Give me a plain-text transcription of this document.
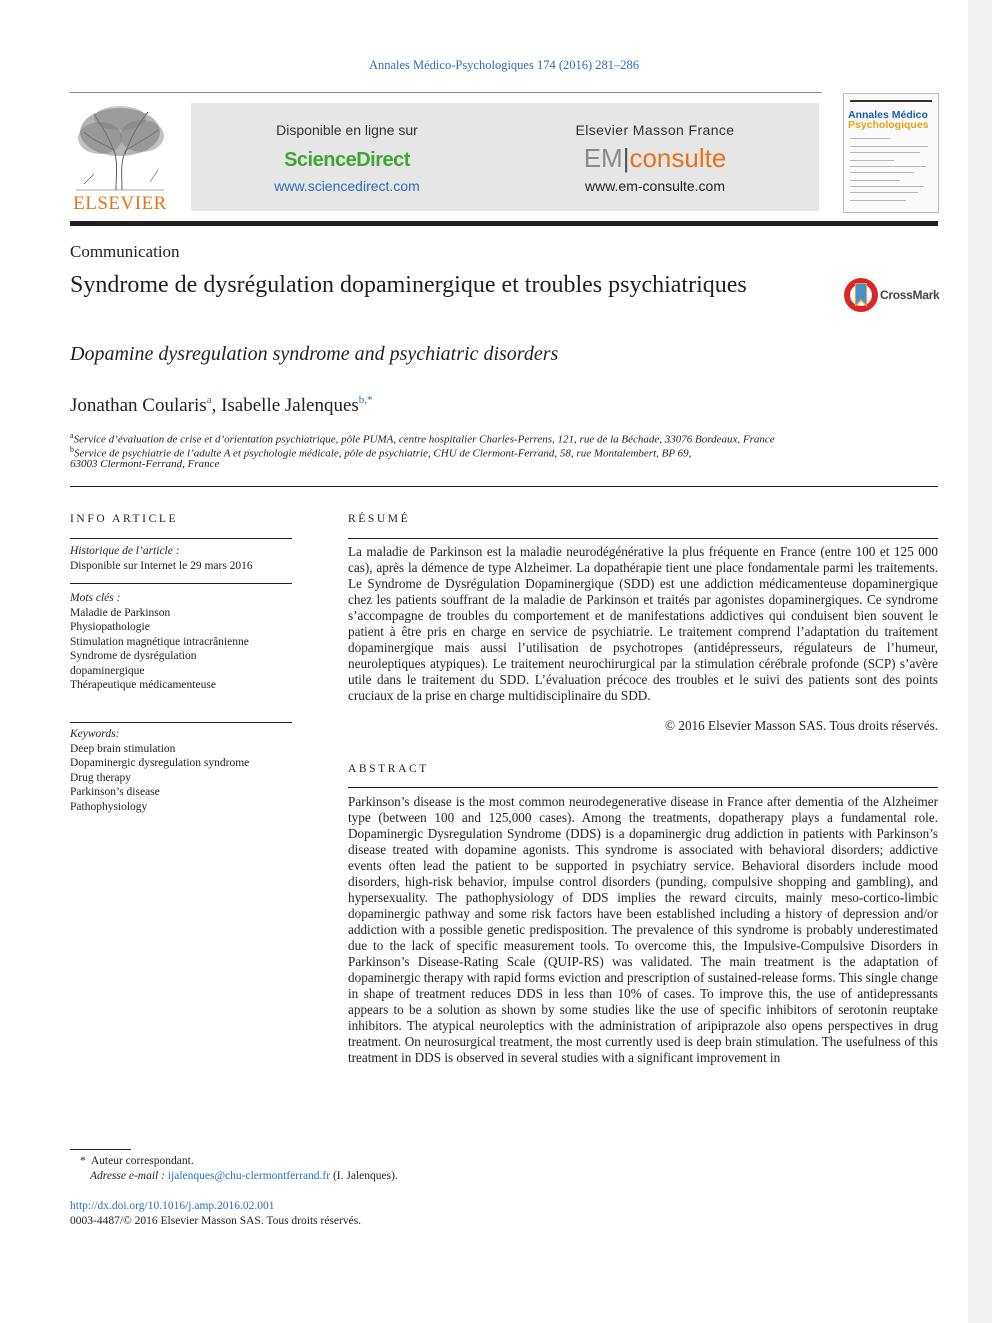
Annales Médico-Psychologiques 174 (2016) 281–286
ELSEVIER
Disponible en ligne sur
ScienceDirect
www.sciencedirect.com
Elsevier Masson France
EM|consulte
www.em-consulte.com
Annales Médico
Psychologiques
Communication
Syndrome de dysrégulation dopaminergique et troubles psychiatriques	CrossMark
Dopamine dysregulation syndrome and psychiatric disorders
Jonathan Coularis$^a$, Isabelle Jalenques$^{b,*}$
$^a$Service d’évaluation de crise et d’orientation psychiatrique, pôle PUMA, centre hospitalier Charles-Perrens, 121, rue de la Béchade, 33076 Bordeaux, France
$^b$Service de psychiatrie de l’adulte A et psychologie médicale, pôle de psychiatrie, CHU de Clermont-Ferrand, 58, rue Montalembert, BP 69,
63003 Clermont-Ferrand, France
INFO ARTICLE
Historique de l’article :
Disponible sur Internet le 29 mars 2016
Mots clés :
Maladie de Parkinson
Physiopathologie
Stimulation magnétique intracrânienne
Syndrome de dysrégulation
dopaminergique
Thérapeutique médicamenteuse
Keywords:
Deep brain stimulation
Dopaminergic dysregulation syndrome
Drug therapy
Parkinson’s disease
Pathophysiology
RÉSUMÉ
La maladie de Parkinson est la maladie neurodégénérative la plus fréquente en France (entre 100 et 125 000 cas), après la démence de type Alzheimer. La dopathérapie tient une place fondamentale parmi les traitements. Le Syndrome de Dysrégulation Dopaminergique (SDD) est une addiction médicamenteuse dopaminergique chez les patients souffrant de la maladie de Parkinson et traités par agonistes dopaminergiques. Ce syndrome s’accompagne de troubles du comportement et de manifestations addictives qui conduisent bien souvent le patient à être pris en charge en service de psychiatrie. Le traitement comprend l’adaptation du traitement dopaminergique mais aussi l’utilisation de psychotropes (antidépresseurs, régulateurs de l’humeur, neuroleptiques atypiques). Le traitement neurochirurgical par la stimulation cérébrale profonde (SCP) s’avère utile dans le traitement du SDD. L’évaluation précoce des troubles et le suivi des patients sont des points cruciaux de la prise en charge multidisciplinaire du SDD.
© 2016 Elsevier Masson SAS. Tous droits réservés.
ABSTRACT
Parkinson’s disease is the most common neurodegenerative disease in France after dementia of the Alzheimer type (between 100 and 125,000 cases). Among the treatments, dopatherapy plays a fundamental role. Dopaminergic Dysregulation Syndrome (DDS) is a dopaminergic drug addiction in patients with Parkinson’s disease treated with dopamine agonists. This syndrome is associated with behavioral disorders; addictive events often lead the patient to be supported in psychiatry service. Behavioral disorders include mood disorders, high-risk behavior, impulse control disorders (punding, compulsive shopping and gambling), and hypersexuality. The pathophysiology of DDS implies the reward circuits, mainly meso-cortico-limbic dopaminergic pathway and some risk factors have been established including a history of depression and/or addiction with a possible genetic predisposition. The prevalence of this syndrome is probably underestimated due to the lack of specific measurement tools. To overcome this, the Impulsive-Compulsive Disorders in Parkinson’s Disease-Rating Scale (QUIP-RS) was validated. The main treatment is the adaptation of dopaminergic therapy with rapid forms eviction and prescription of sustained-release forms. This single change in shape of treatment reduces DDS in less than 10% of cases. To improve this, the use of antidepressants appears to be a solution as shown by some studies like the use of specific inhibitors of serotonin reuptake inhibitors. The atypical neuroleptics with the administration of aripiprazole also opens perspectives in drug treatment. On neurosurgical treatment, the most currently used is deep brain stimulation. The usefulness of this treatment in DDS is observed in several studies with a significant improvement in
* Auteur correspondant.
Adresse e-mail : ijalenques@chu-clermontferrand.fr (I. Jalenques).
http://dx.doi.org/10.1016/j.amp.2016.02.001
0003-4487/© 2016 Elsevier Masson SAS. Tous droits réservés.
